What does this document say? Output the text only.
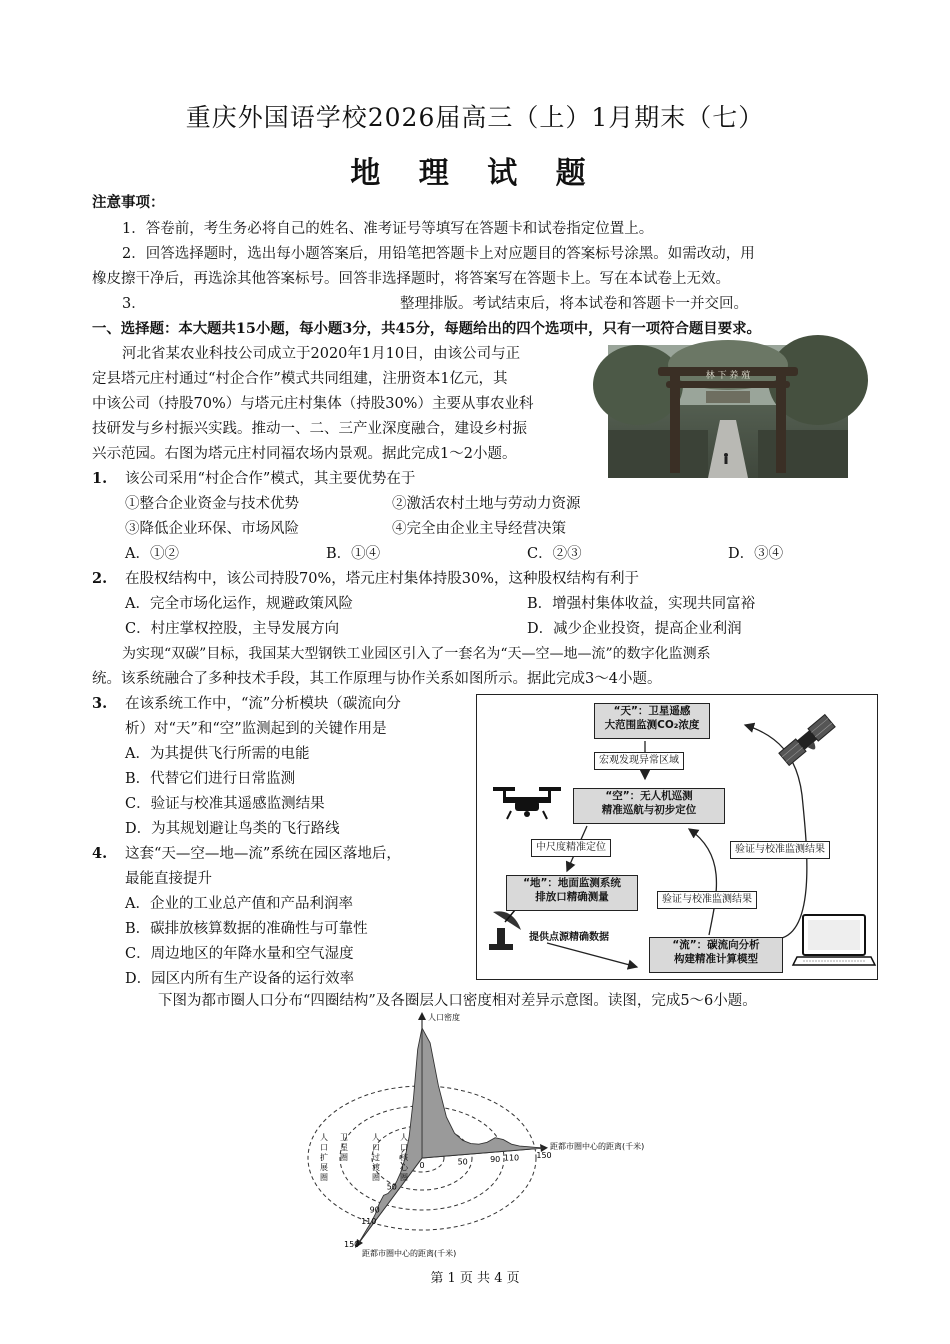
重庆外国语学校2026届高三（上）1月期末（七）
地 理 试 题
注意事项：
1．答卷前，考生务必将自己的姓名、准考证号等填写在答题卡和试卷指定位置上。
2．回答选择题时，选出每小题答案后，用铅笔把答题卡上对应题目的答案标号涂黑。如需改动，用
橡皮擦干净后，再选涂其他答案标号。回答非选择题时，将答案写在答题卡上。写在本试卷上无效。
3．	整理排版。考试结束后，将本试卷和答题卡一并交回。
一、选择题：本大题共15小题，每小题3分，共45分，每题给出的四个选项中，只有一项符合题目要求。
河北省某农业科技公司成立于2020年1月10日，由该公司与正
定县塔元庄村通过“村企合作”模式共同组建，注册资本1亿元，其
中该公司（持股70%）与塔元庄村集体（持股30%）主要从事农业科
技研发与乡村振兴实践。推动一、二、三产业深度融合，建设乡村振
兴示范园。右图为塔元庄村同福农场内景观。据此完成1～2小题。
林 下 养 殖
1. 该公司采用“村企合作”模式，其主要优势在于
①整合企业资金与技术优势	②激活农村土地与劳动力资源
③降低企业环保、市场风险	④完全由企业主导经营决策
A．①②	B．①④	C．②③	D．③④
2. 在股权结构中，该公司持股70%，塔元庄村集体持股30%，这种股权结构有利于
A．完全市场化运作，规避政策风险	B．增强村集体收益，实现共同富裕
C．村庄掌权控股，主导发展方向	D．减少企业投资，提高企业利润
为实现“双碳”目标，我国某大型钢铁工业园区引入了一套名为“天—空—地—流”的数字化监测系
统。该系统融合了多种技术手段，其工作原理与协作关系如图所示。据此完成3～4小题。
3. 在该系统工作中，“流”分析模块（碳流向分
析）对“天”和“空”监测起到的关键作用是
A．为其提供飞行所需的电能
B．代替它们进行日常监测
C．验证与校准其遥感监测结果
D．为其规划避让鸟类的飞行路线
4. 这套“天—空—地—流”系统在园区落地后，
最能直接提升
A．企业的工业总产值和产品利润率
B．碳排放核算数据的准确性与可靠性
C．周边地区的年降水量和空气湿度
D．园区内所有生产设备的运行效率
“天”：卫星遥感
大范围监测CO₂浓度
宏观发现异常区域
“空”：无人机巡测
精准巡航与初步定位
中尺度精准定位	验证与校准监测结果
“地”：地面监测系统
排放口精确测量	验证与校准监测结果
提供点源精确数据
“流”：碳流向分析
构建精准计算模型
下图为都市圈人口分布“四圈结构”及各圈层人口密度相对差异示意图。读图，完成5～6小题。
0	50	90 110 150
50
90
110
150
人口密度
距都市圈中心的距离(千米)
距都市圈中心的距离(千米)
人口核心圈
人口过渡圈
卫星圈
人口扩展圈
第 1 页 共 4 页
